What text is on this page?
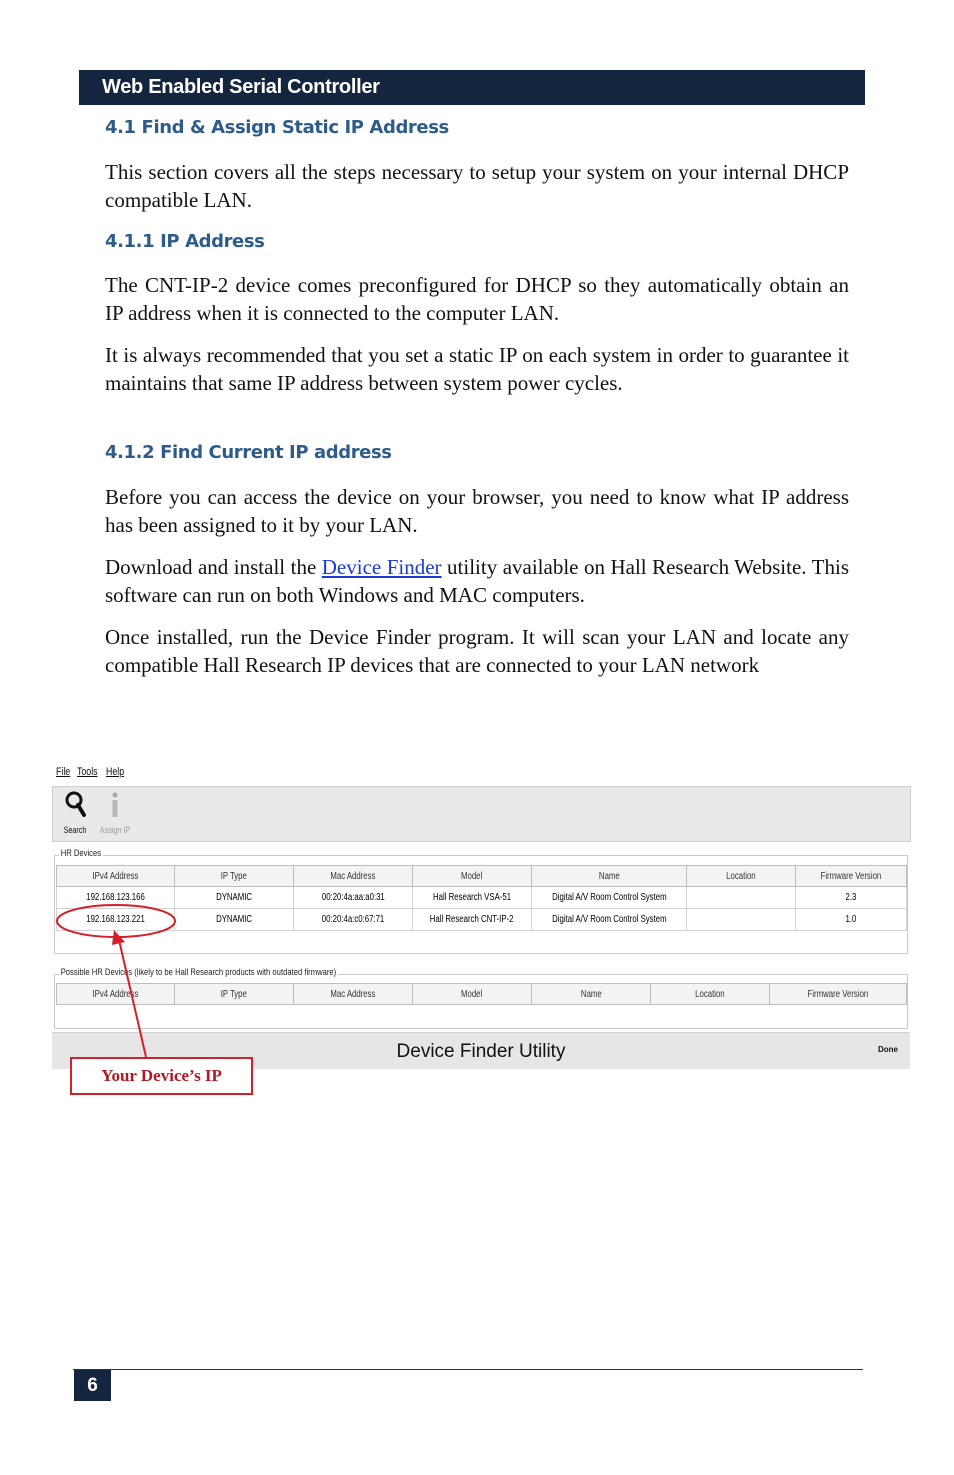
Web Enabled Serial Controller
4.1 Find & Assign Static IP Address

This section covers all the steps necessary to setup your system on your internal DHCP compatible LAN.

4.1.1 IP Address

The CNT-IP-2 device comes preconfigured for DHCP so they automatically obtain an IP address when it is connected to the computer LAN.

It is always recommended that you set a static IP on each system in order to guarantee it maintains that same IP address between system power cycles.

4.1.2 Find Current IP address

Before you can access the device on your browser, you need to know what IP address has been assigned to it by your LAN.

Download and install the Device Finder utility available on Hall Research Website. This software can run on both Windows and MAC computers.

Once installed, run the Device Finder program. It will scan your LAN and locate any compatible Hall Research IP devices that are connected to your LAN network

File Tools Help
Search	Assign IP
HR Devices
IPv4 Address	IP Type	Mac Address	Model	Name	Location	Firmware Version
192.168.123.166	DYNAMIC	00:20:4a:aa:a0:31	Hall Research VSA-51	Digital A/V Room Control System		2.3
192.168.123.221	DYNAMIC	00:20:4a:c0:67:71	Hall Research CNT-IP-2	Digital A/V Room Control System		1.0
Possible HR Devices (likely to be Hall Research products with outdated firmware)
IPv4 Address	IP Type	Mac Address	Model	Name	Location	Firmware Version
Device Finder Utility	Done
Your Device’s IP
6
